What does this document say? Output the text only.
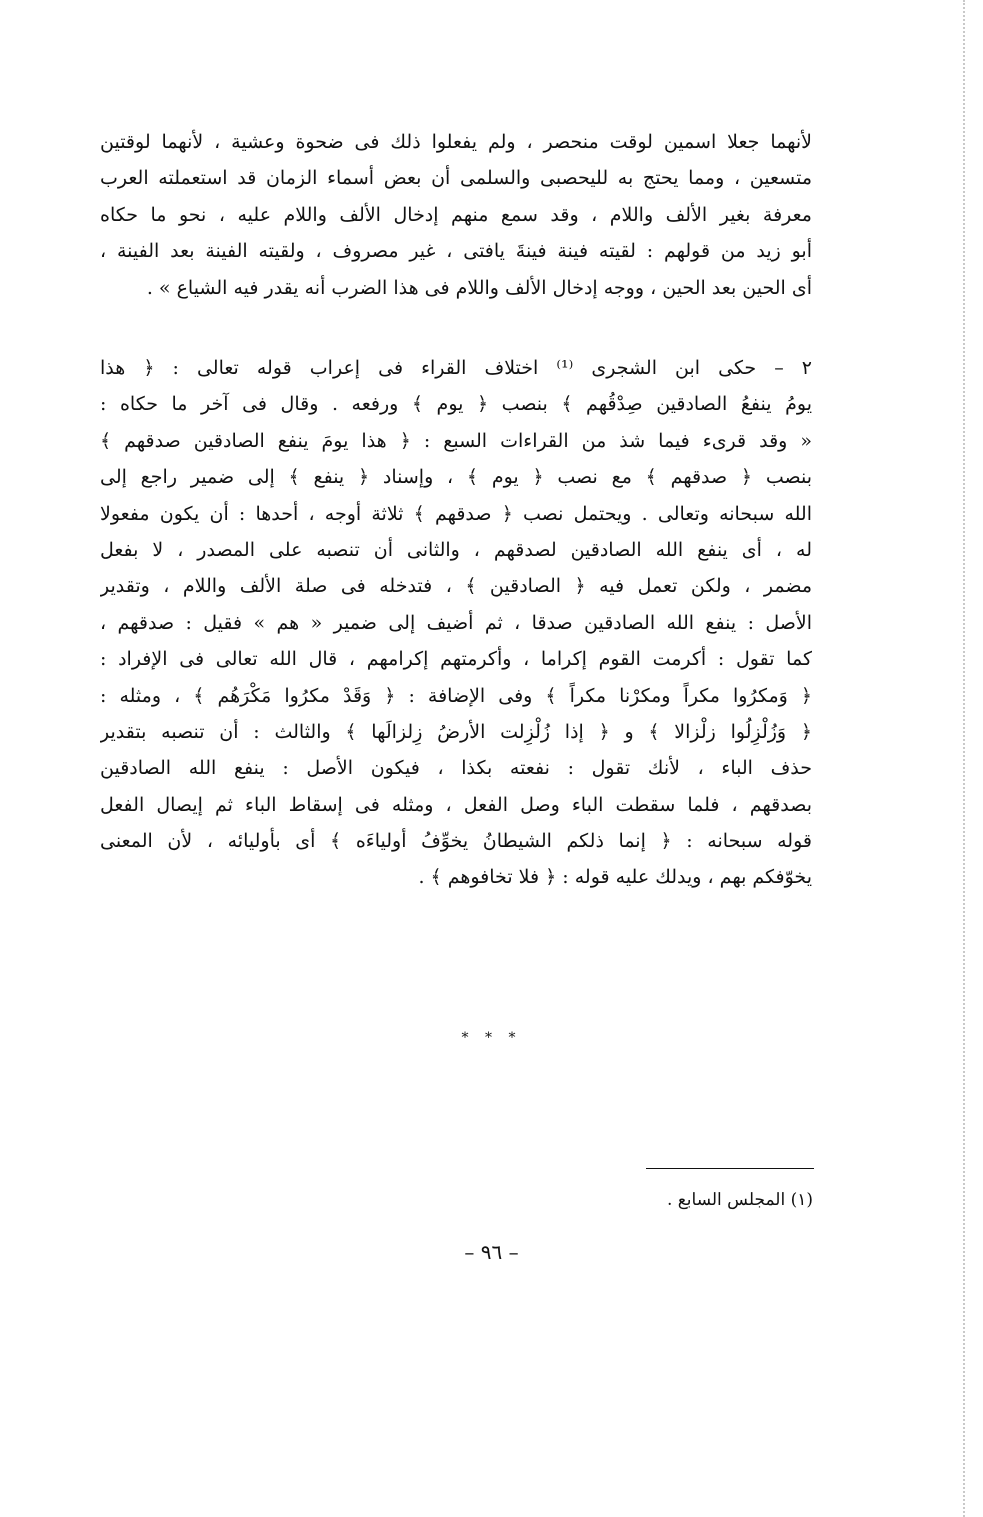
لأنهما جعلا اسمين لوقت منحصر ، ولم يفعلوا ذلك فى ضحوة وعشية ، لأنهما لوقتين
متسعين ، ومما يحتج به لليحصبى والسلمى أن بعض أسماء الزمان قد استعملته العرب
معرفة بغير الألف واللام ، وقد سمع منهم إدخال الألف واللام عليه ، نحو ما حكاه
أبو زيد من قولهم : لقيته فينة فينةَ يافتى ، غير مصروف ، ولقيته الفينة بعد الفينة ،
أى الحين بعد الحين ، ووجه إدخال الألف واللام فى هذا الضرب أنه يقدر فيه الشياع » .
٢ – حكى ابن الشجرى ⁽¹⁾ اختلاف القراء فى إعراب قوله تعالى : ﴿ هذا
يومُ ينفعُ الصادقين صِدْقُهم ﴾ بنصب ﴿ يوم ﴾ ورفعه . وقال فى آخر ما حكاه :
« وقد قرىء فيما شذ من القراءات السبع : ﴿ هذا يومَ ينفع الصادقين صدقهم ﴾
بنصب ﴿ صدقهم ﴾ مع نصب ﴿ يوم ﴾ ، وإسناد ﴿ ينفع ﴾ إلى ضمير راجع إلى
الله سبحانه وتعالى . ويحتمل نصب ﴿ صدقهم ﴾ ثلاثة أوجه ، أحدها : أن يكون مفعولا
له ، أى ينفع الله الصادقين لصدقهم ، والثانى أن تنصبه على المصدر ، لا بفعل
مضمر ، ولكن تعمل فيه ﴿ الصادقين ﴾ ، فتدخله فى صلة الألف واللام ، وتقدير
الأصل : ينفع الله الصادقين صدقا ، ثم أضيف إلى ضمير « هم » فقيل : صدقهم ،
كما تقول : أكرمت القوم إكراما ، وأكرمتهم إكرامهم ، قال الله تعالى فى الإفراد :
﴿ وَمكرُوا مكراً ومكرْنا مكراً ﴾ وفى الإضافة : ﴿ وَقَدْ مكرُوا مَكْرَهُم ﴾ ، ومثله :
﴿ وَزُلْزِلُوا زلْزالا ﴾ و ﴿ إذا زُلْزِلت الأرضُ زِلزالَها ﴾ والثالث : أن تنصبه بتقدير
حذف الباء ، لأنك تقول : نفعته بكذا ، فيكون الأصل : ينفع الله الصادقين
بصدقهم ، فلما سقطت الباء وصل الفعل ، ومثله فى إسقاط الباء ثم إيصال الفعل
قوله سبحانه : ﴿ إنما ذلكم الشيطانُ يخوِّفُ أولياءَه ﴾ أى بأوليائه ، لأن المعنى
يخوّفكم بهم ، ويدلك عليه قوله : ﴿ فلا تخافوهم ﴾ .
* * *
(١) المجلس السابع .
– ٩٦ –
